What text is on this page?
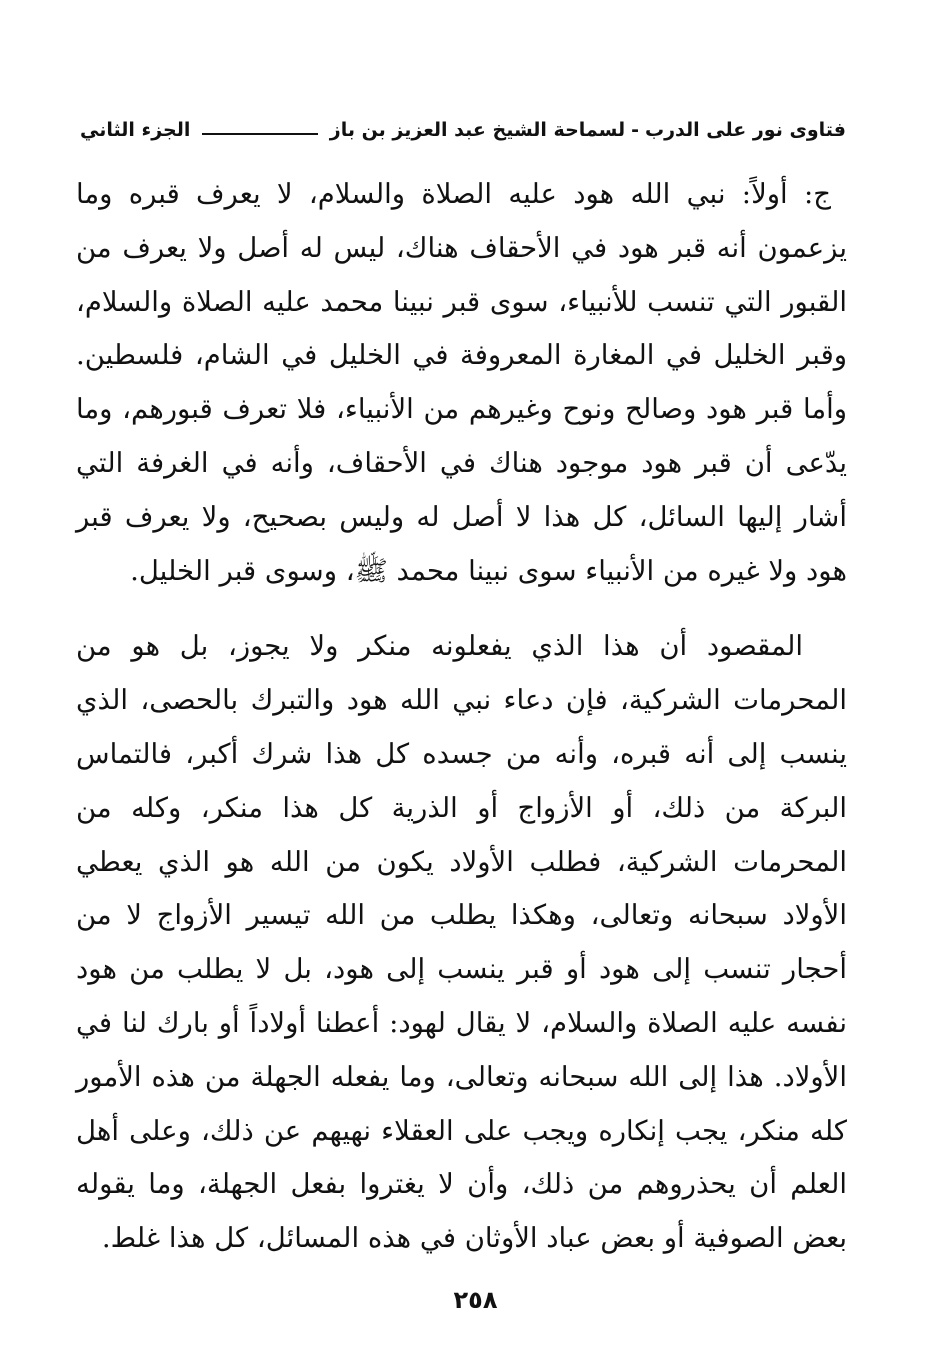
فتاوى نور على الدرب
-
لسماحة الشيخ عبد العزيز بن باز
الجزء الثاني

ج: أولاً: نبي الله هود عليه الصلاة والسلام، لا يعرف قبره وما يزعمون أنه قبر هود في الأحقاف هناك، ليس له أصل ولا يعرف من القبور التي تنسب للأنبياء، سوى قبر نبينا محمد عليه الصلاة والسلام، وقبر الخليل في المغارة المعروفة في الخليل في الشام، فلسطين. وأما قبر هود وصالح ونوح وغيرهم من الأنبياء، فلا تعرف قبورهم، وما يدّعى أن قبر هود موجود هناك في الأحقاف، وأنه في الغرفة التي أشار إليها السائل، كل هذا لا أصل له وليس بصحيح، ولا يعرف قبر هود ولا غيره من الأنبياء سوى نبينا محمد ﷺ، وسوى قبر الخليل.

المقصود أن هذا الذي يفعلونه منكر ولا يجوز، بل هو من المحرمات الشركية، فإن دعاء نبي الله هود والتبرك بالحصى، الذي ينسب إلى أنه قبره، وأنه من جسده كل هذا شرك أكبر، فالتماس البركة من ذلك، أو الأزواج أو الذرية كل هذا منكر، وكله من المحرمات الشركية، فطلب الأولاد يكون من الله هو الذي يعطي الأولاد سبحانه وتعالى، وهكذا يطلب من الله تيسير الأزواج لا من أحجار تنسب إلى هود أو قبر ينسب إلى هود، بل لا يطلب من هود نفسه عليه الصلاة والسلام، لا يقال لهود: أعطنا أولاداً أو بارك لنا في الأولاد. هذا إلى الله سبحانه وتعالى، وما يفعله الجهلة من هذه الأمور كله منكر، يجب إنكاره ويجب على العقلاء نهيهم عن ذلك، وعلى أهل العلم أن يحذروهم من ذلك، وأن لا يغتروا بفعل الجهلة، وما يقوله بعض الصوفية أو بعض عباد الأوثان في هذه المسائل، كل هذا غلط.

٢٥٨
